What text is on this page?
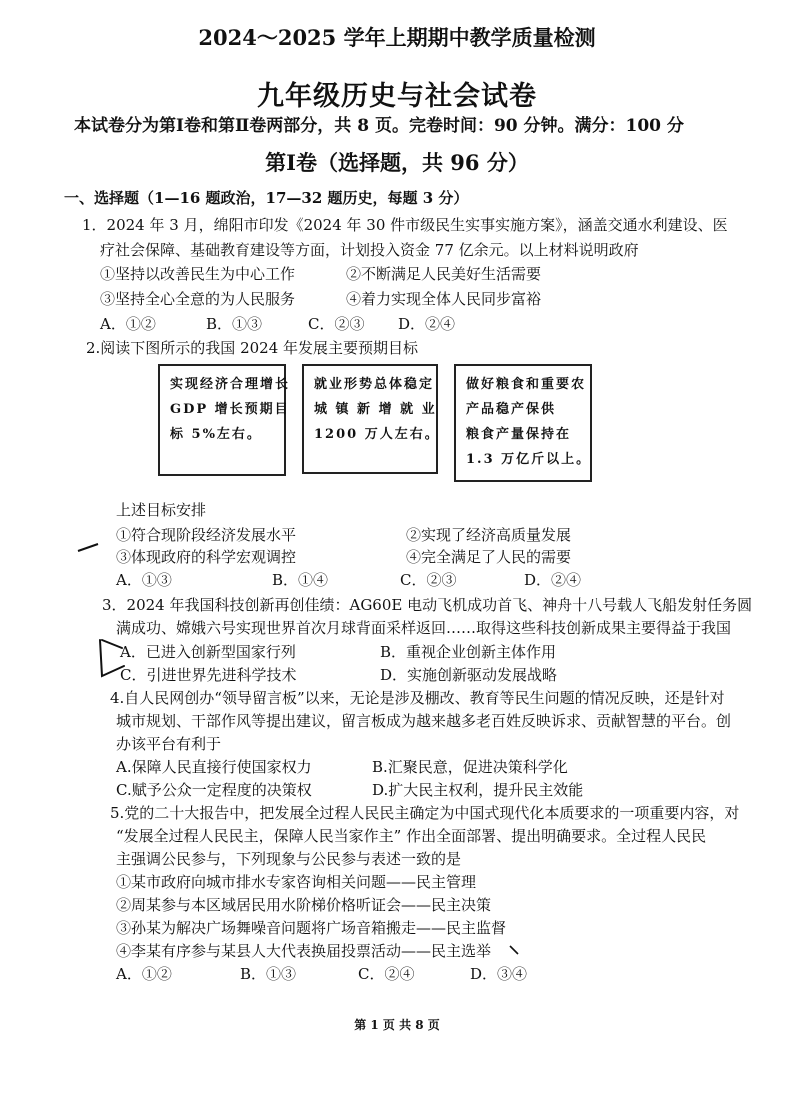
2024～2025 学年上期期中教学质量检测
九年级历史与社会试卷
本试卷分为第Ⅰ卷和第Ⅱ卷两部分，共 8 页。完卷时间：90 分钟。满分：100 分
第Ⅰ卷（选择题，共 96 分）
一、选择题（1—16 题政治，17—32 题历史，每题 3 分）
1．2024 年 3 月，绵阳市印发《2024 年 30 件市级民生实事实施方案》，涵盖交通水利建设、医
疗社会保障、基础教育建设等方面，计划投入资金 77 亿余元。以上材料说明政府
①坚持以改善民生为中心工作	②不断满足人民美好生活需要
③坚持全心全意的为人民服务	④着力实现全体人民同步富裕
A．①②	B．①③	C．②③ D．②④
2.阅读下图所示的我国 2024 年发展主要预期目标
实现经济合理增长
GDP 增长预期目
标 5%左右。
就业形势总体稳定
城 镇 新 增 就 业
1200 万人左右。
做好粮食和重要农
产品稳产保供
粮食产量保持在
1.3 万亿斤以上。
上述目标安排
①符合现阶段经济发展水平	②实现了经济高质量发展
③体现政府的科学宏观调控	④完全满足了人民的需要
A．①③	B．①④	C．②③	D．②④
3．2024 年我国科技创新再创佳绩：AG60E 电动飞机成功首飞、神舟十八号载人飞船发射任务圆
满成功、嫦娥六号实现世界首次月球背面采样返回……取得这些科技创新成果主要得益于我国
A．已进入创新型国家行列	B．重视企业创新主体作用
C．引进世界先进科学技术	D．实施创新驱动发展战略
4.自人民网创办“领导留言板”以来，无论是涉及棚改、教育等民生问题的情况反映，还是针对
城市规划、干部作风等提出建议，留言板成为越来越多老百姓反映诉求、贡献智慧的平台。创
办该平台有利于
A.保障人民直接行使国家权力	B.汇聚民意，促进决策科学化
C.赋予公众一定程度的决策权	D.扩大民主权利，提升民主效能
5.党的二十大报告中，把发展全过程人民民主确定为中国式现代化本质要求的一项重要内容，对
“发展全过程人民民主，保障人民当家作主” 作出全面部署、提出明确要求。全过程人民民
主强调公民参与，下列现象与公民参与表述一致的是
①某市政府向城市排水专家咨询相关问题——民主管理
②周某参与本区域居民用水阶梯价格听证会——民主决策
③孙某为解决广场舞噪音问题将广场音箱搬走——民主监督
④李某有序参与某县人大代表换届投票活动——民主选举
A．①②	B．①③	C．②④	D．③④
第 1 页 共 8 页
